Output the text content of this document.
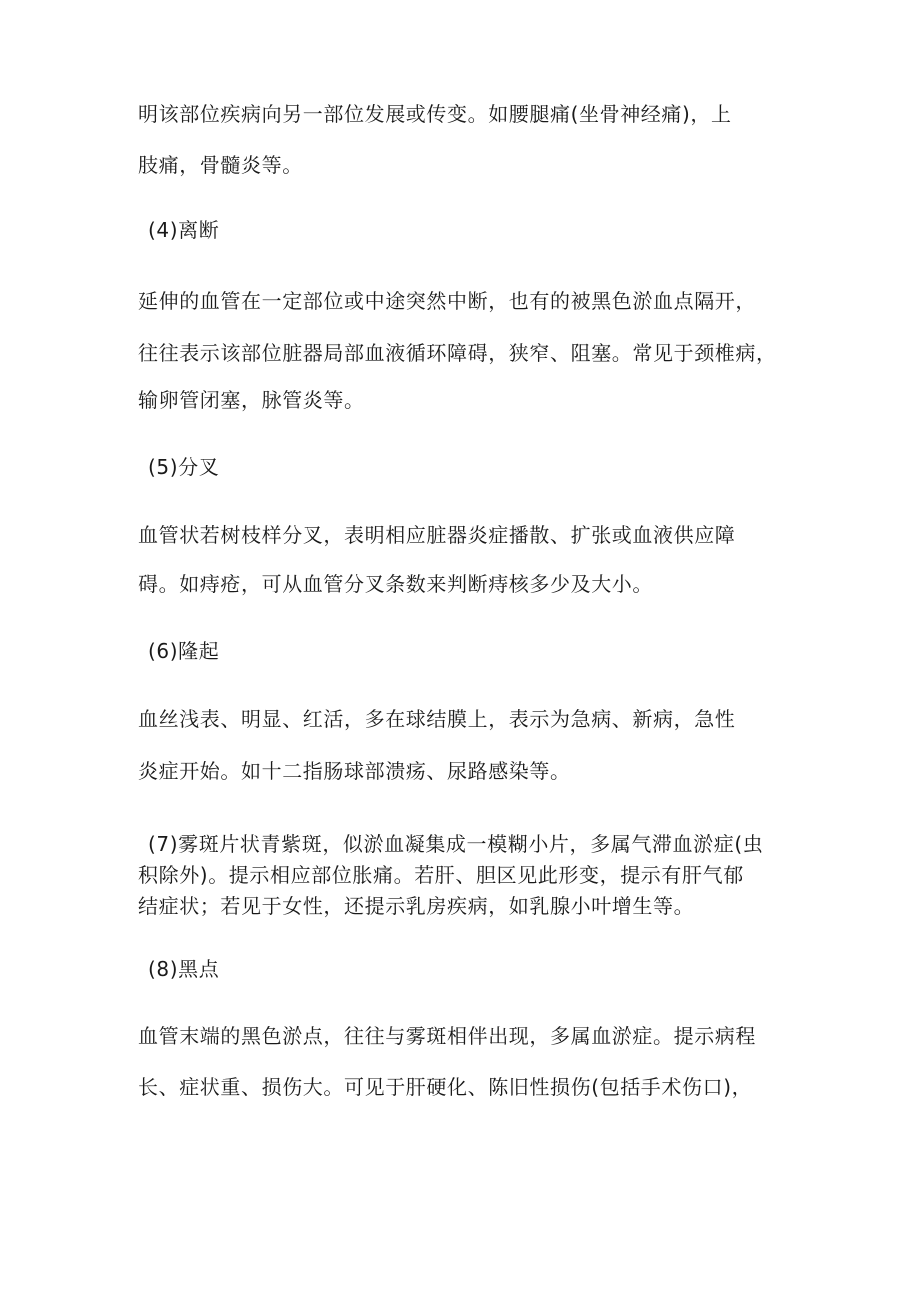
明该部位疾病向另一部位发展或传变。如腰腿痛(坐骨神经痛)，上
肢痛，骨髓炎等。
(4)离断
延伸的血管在一定部位或中途突然中断，也有的被黑色淤血点隔开，
往往表示该部位脏器局部血液循环障碍，狭窄、阻塞。常见于颈椎病，
输卵管闭塞，脉管炎等。
(5)分叉
血管状若树枝样分叉，表明相应脏器炎症播散、扩张或血液供应障
碍。如痔疮，可从血管分叉条数来判断痔核多少及大小。
(6)隆起
血丝浅表、明显、红活，多在球结膜上，表示为急病、新病，急性
炎症开始。如十二指肠球部溃疡、尿路感染等。
(7)雾斑片状青紫斑，似淤血凝集成一模糊小片，多属气滞血淤症(虫
积除外)。提示相应部位胀痛。若肝、胆区见此形变，提示有肝气郁
结症状；若见于女性，还提示乳房疾病，如乳腺小叶增生等。
(8)黑点
血管末端的黑色淤点，往往与雾斑相伴出现，多属血淤症。提示病程
长、症状重、损伤大。可见于肝硬化、陈旧性损伤(包括手术伤口)，
